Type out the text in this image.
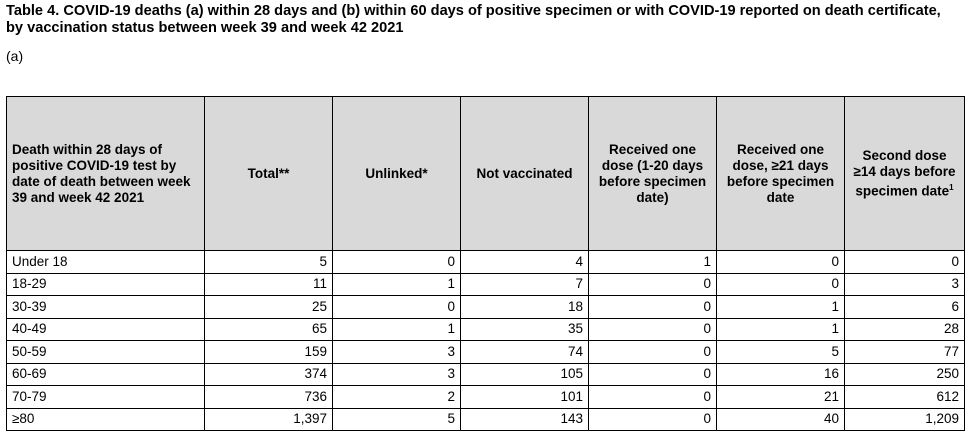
Table 4. COVID-19 deaths (a) within 28 days and (b) within 60 days of positive specimen or with COVID-19 reported on death certificate, by vaccination status between week 39 and week 42 2021
(a)
Death within 28 days of positive COVID-19 test by date of death between week 39 and week 42 2021	Total**	Unlinked*	Not vaccinated	Received one dose (1-20 days before specimen date)	Received one dose, ≥21 days before specimen date	Second dose ≥14 days before specimen date$^1$
Under 18	5	0	4	1	0	0
18-29	11	1	7	0	0	3
30-39	25	0	18	0	1	6
40-49	65	1	35	0	1	28
50-59	159	3	74	0	5	77
60-69	374	3	105	0	16	250
70-79	736	2	101	0	21	612
≥80	1,397	5	143	0	40	1,209
